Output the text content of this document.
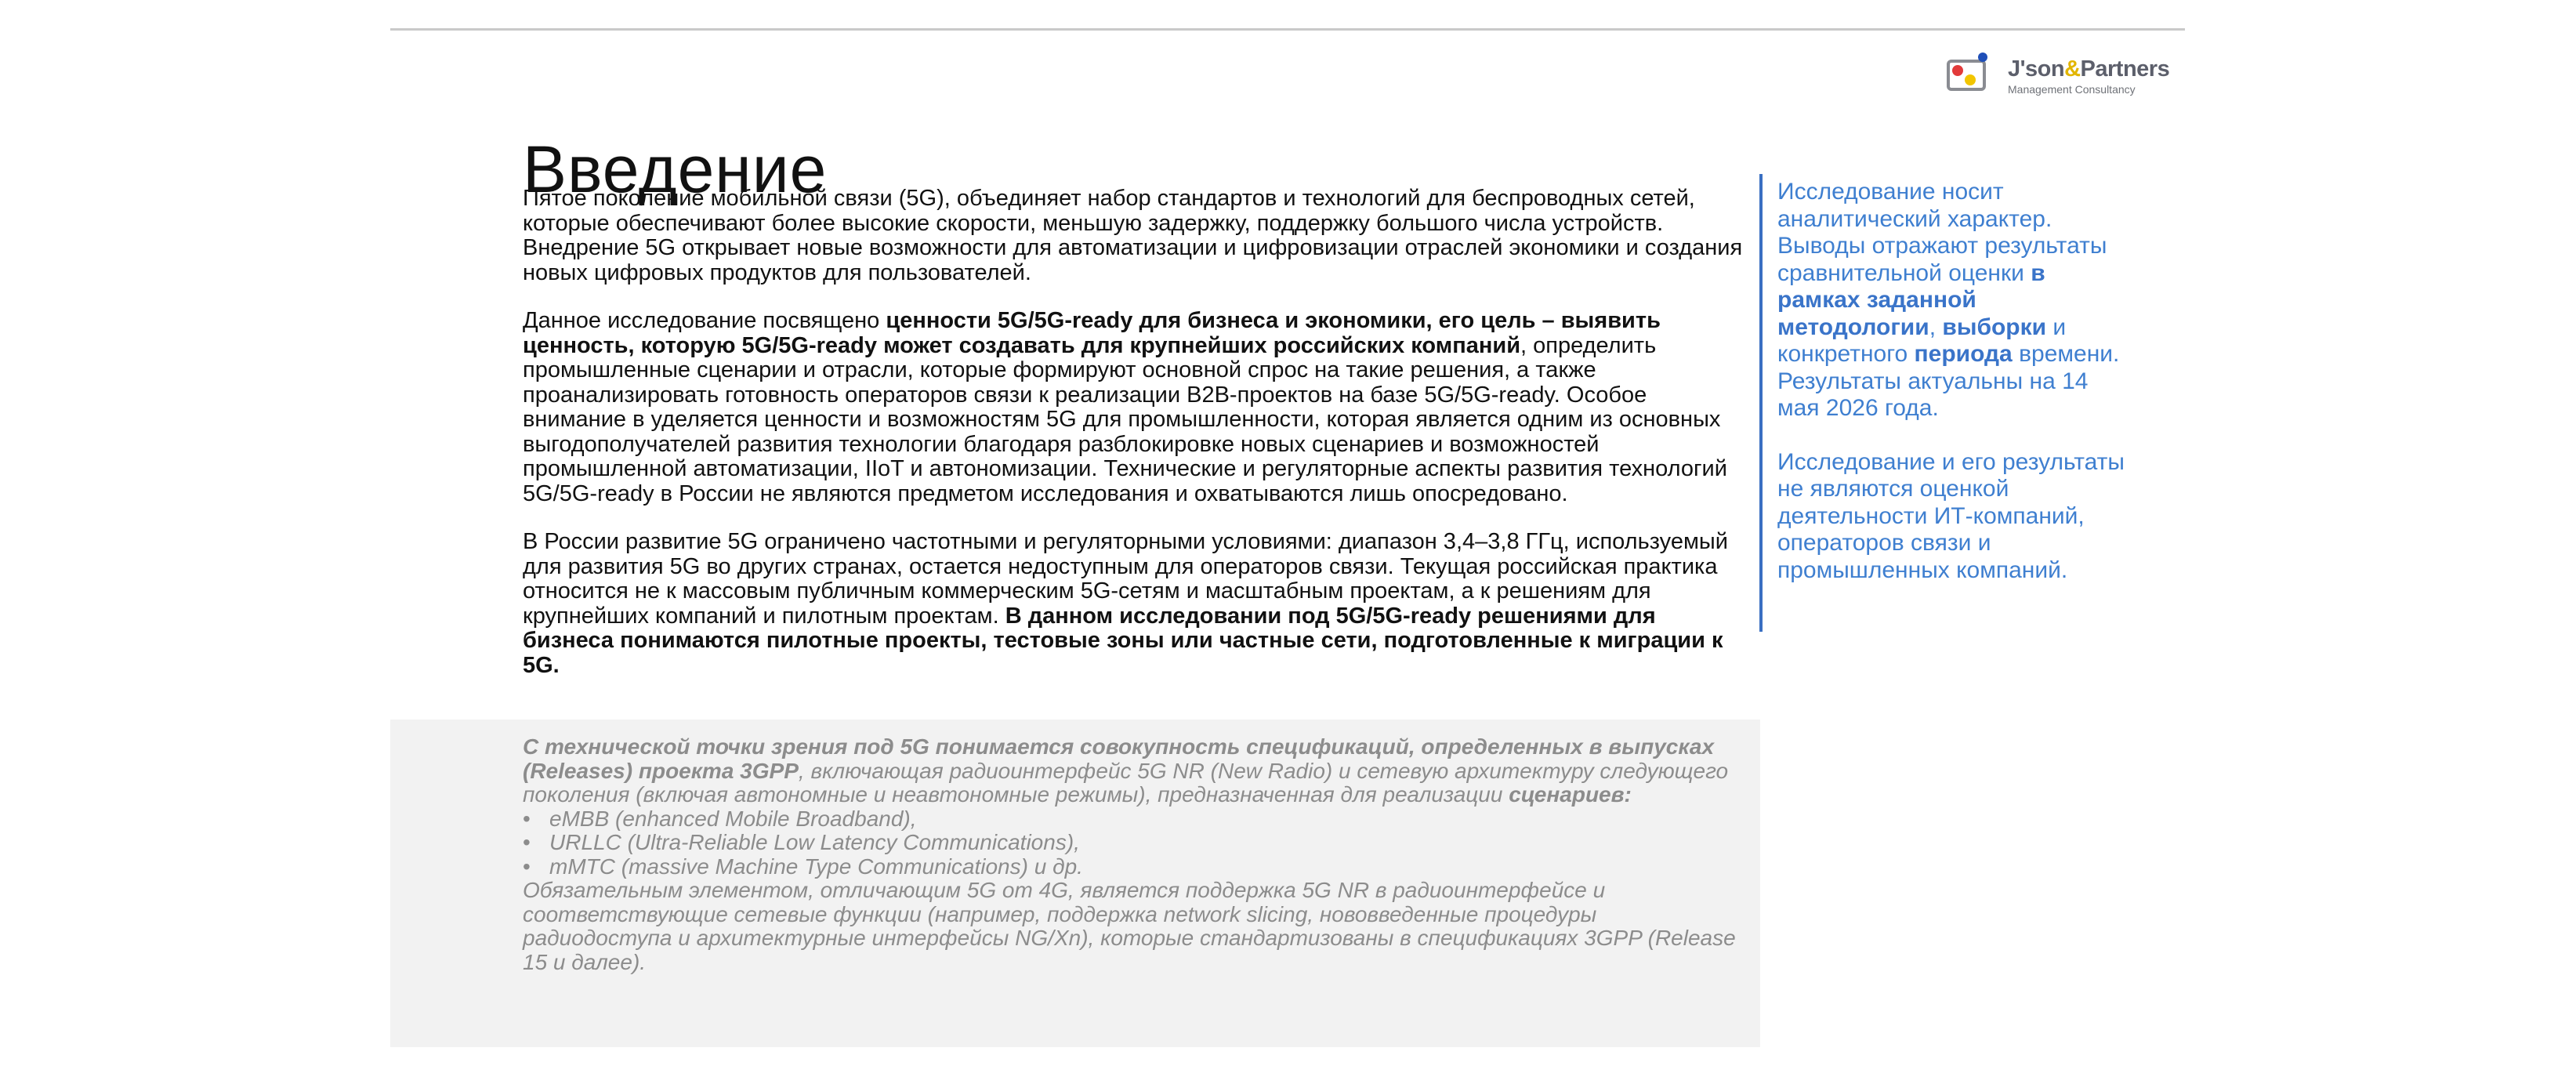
J'son&Partners
Management Consultancy
Введение

Пятое поколение мобильной связи (5G), объединяет набор стандартов и технологий для беспроводных сетей, которые обеспечивают более высокие скорости, меньшую задержку, поддержку большого числа устройств. Внедрение 5G открывает новые возможности для автоматизации и цифровизации отраслей экономики и создания новых цифровых продуктов для пользователей.

Данное исследование посвящено ценности 5G/5G-ready для бизнеса и экономики, его цель – выявить ценность, которую 5G/5G-ready может создавать для крупнейших российских компаний, определить промышленные сценарии и отрасли, которые формируют основной спрос на такие решения, а также проанализировать готовность операторов связи к реализации B2B-проектов на базе 5G/5G-ready. Особое внимание в уделяется ценности и возможностям 5G для промышленности, которая является одним из основных выгодополучателей развития технологии благодаря разблокировке новых сценариев и возможностей промышленной автоматизации, IIoT и автономизации. Технические и регуляторные аспекты развития технологий 5G/5G-ready в России не являются предметом исследования и охватываются лишь опосредовано.

В России развитие 5G ограничено частотными и регуляторными условиями: диапазон 3,4–3,8 ГГц, используемый для развития 5G во других странах, остается недоступным для операторов связи. Текущая российская практика относится не к массовым публичным коммерческим 5G-сетям и масштабным проектам, а к решениям для крупнейших компаний и пилотным проектам. В данном исследовании под 5G/5G-ready решениями для бизнеса понимаются пилотные проекты, тестовые зоны или частные сети, подготовленные к миграции к 5G.

С технической точки зрения под 5G понимается совокупность спецификаций, определенных в выпусках (Releases) проекта 3GPP, включающая радиоинтерфейс 5G NR (New Radio) и сетевую архитектуру следующего поколения (включая автономные и неавтономные режимы), предназначенная для реализации сценариев:

• eMBB (enhanced Mobile Broadband),
• URLLC (Ultra-Reliable Low Latency Communications),
• mMTC (massive Machine Type Communications) и др.

Обязательным элементом, отличающим 5G от 4G, является поддержка 5G NR в радиоинтерфейсе и соответствующие сетевые функции (например, поддержка network slicing, нововведенные процедуры радиодоступа и архитектурные интерфейсы NG/Xn), которые стандартизованы в спецификациях 3GPP (Release 15 и далее).

Исследование носит аналитический характер. Выводы отражают результаты сравнительной оценки в рамках заданной методологии, выборки и конкретного периода времени. Результаты актуальны на 14 мая 2026 года.

Исследование и его результаты не являются оценкой деятельности ИТ-компаний, операторов связи и промышленных компаний.
